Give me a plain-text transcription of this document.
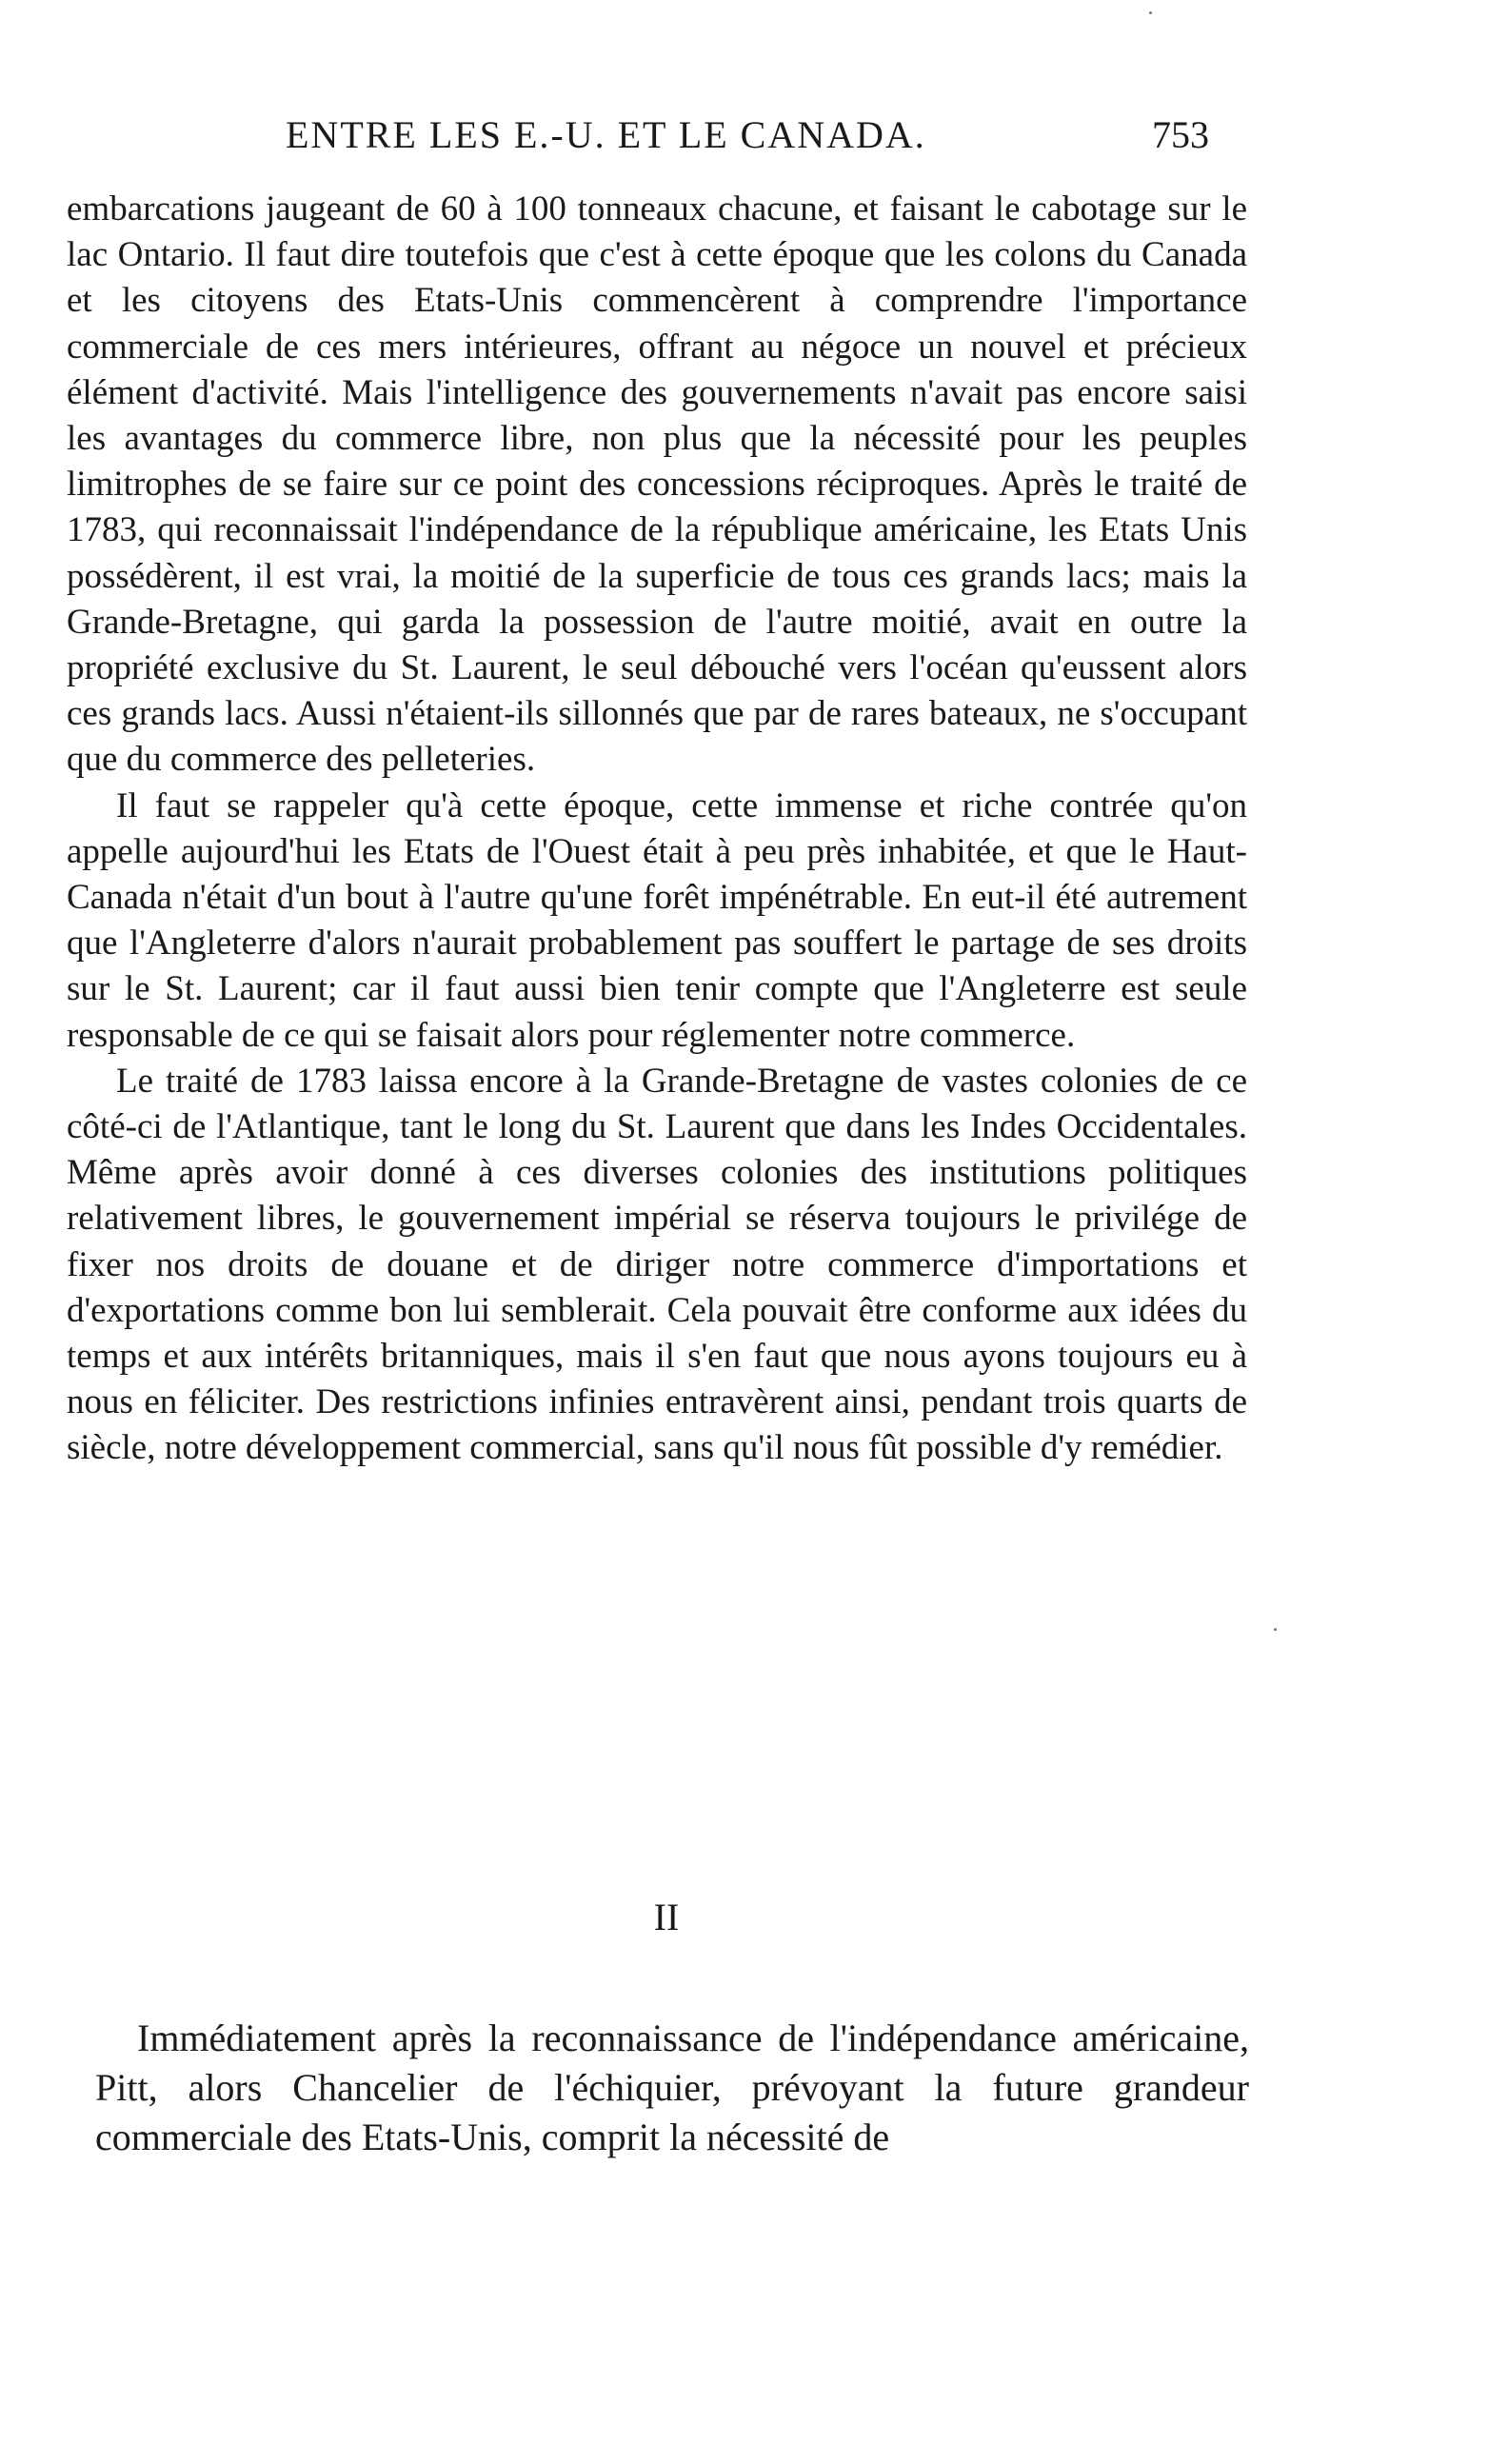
ENTRE LES E.-U. ET LE CANADA.	753

embarcations jaugeant de 60 à 100 tonneaux chacune, et faisant le cabotage sur le lac Ontario. Il faut dire toutefois que c'est à cette époque que les colons du Canada et les citoyens des Etats-Unis commencèrent à comprendre l'importance commerciale de ces mers intérieures, offrant au négoce un nouvel et précieux élément d'activité. Mais l'intelligence des gouvernements n'avait pas encore saisi les avantages du commerce libre, non plus que la nécessité pour les peuples limitrophes de se faire sur ce point des concessions réciproques. Après le traité de 1783, qui reconnaissait l'indépendance de la république américaine, les Etats Unis possédèrent, il est vrai, la moitié de la superficie de tous ces grands lacs; mais la Grande-Bretagne, qui garda la possession de l'autre moitié, avait en outre la propriété exclusive du St. Laurent, le seul débouché vers l'océan qu'eussent alors ces grands lacs. Aussi n'étaient-ils sillonnés que par de rares bateaux, ne s'occupant que du commerce des pelleteries.

Il faut se rappeler qu'à cette époque, cette immense et riche contrée qu'on appelle aujourd'hui les Etats de l'Ouest était à peu près inhabitée, et que le Haut-Canada n'était d'un bout à l'autre qu'une forêt impénétrable. En eut-il été autrement que l'Angleterre d'alors n'aurait probablement pas souffert le partage de ses droits sur le St. Laurent; car il faut aussi bien tenir compte que l'Angleterre est seule responsable de ce qui se faisait alors pour réglementer notre commerce.

Le traité de 1783 laissa encore à la Grande-Bretagne de vastes colonies de ce côté-ci de l'Atlantique, tant le long du St. Laurent que dans les Indes Occidentales. Même après avoir donné à ces diverses colonies des institutions politiques relativement libres, le gouvernement impérial se réserva toujours le privilége de fixer nos droits de douane et de diriger notre commerce d'importations et d'exportations comme bon lui semblerait. Cela pouvait être conforme aux idées du temps et aux intérêts britanniques, mais il s'en faut que nous ayons toujours eu à nous en féliciter. Des restrictions infinies entravèrent ainsi, pendant trois quarts de siècle, notre développement commercial, sans qu'il nous fût possible d'y remédier.

II

Immédiatement après la reconnaissance de l'indépendance américaine, Pitt, alors Chancelier de l'échiquier, prévoyant la future grandeur commerciale des Etats-Unis, comprit la nécessité de
